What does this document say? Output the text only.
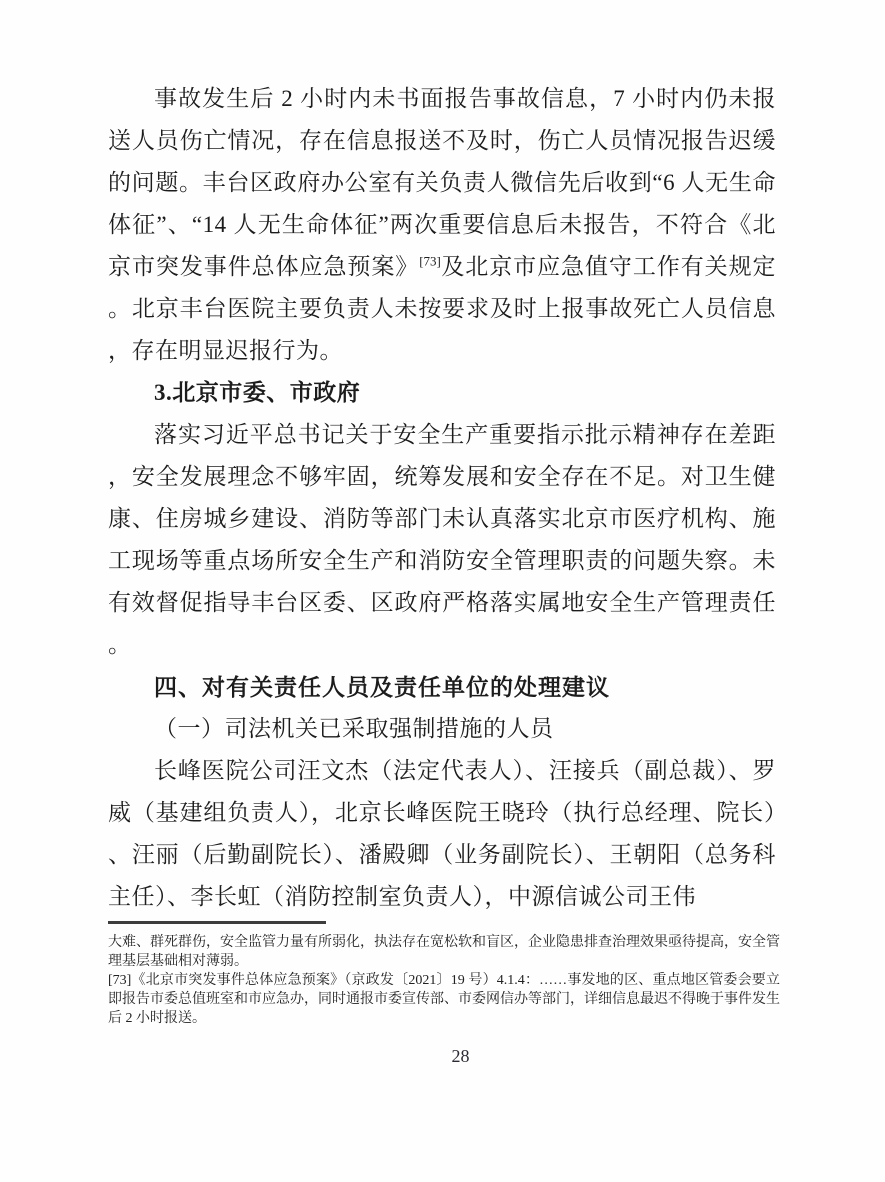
事故发生后 2 小时内未书面报告事故信息，7 小时内仍未报送人员伤亡情况，存在信息报送不及时，伤亡人员情况报告迟缓的问题。丰台区政府办公室有关负责人微信先后收到“6 人无生命体征”、“14 人无生命体征”两次重要信息后未报告，不符合《北京市突发事件总体应急预案》[73]及北京市应急值守工作有关规定。北京丰台医院主要负责人未按要求及时上报事故死亡人员信息，存在明显迟报行为。

3.北京市委、市政府

落实习近平总书记关于安全生产重要指示批示精神存在差距，安全发展理念不够牢固，统筹发展和安全存在不足。对卫生健康、住房城乡建设、消防等部门未认真落实北京市医疗机构、施工现场等重点场所安全生产和消防安全管理职责的问题失察。未有效督促指导丰台区委、区政府严格落实属地安全生产管理责任。

四、对有关责任人员及责任单位的处理建议

（一）司法机关已采取强制措施的人员

长峰医院公司汪文杰（法定代表人）、汪接兵（副总裁）、罗威（基建组负责人），北京长峰医院王晓玲（执行总经理、院长）、汪丽（后勤副院长）、潘殿卿（业务副院长）、王朝阳（总务科主任）、李长虹（消防控制室负责人），中源信诚公司王伟

大难、群死群伤，安全监管力量有所弱化，执法存在宽松软和盲区，企业隐患排查治理效果亟待提高，安全管理基层基础相对薄弱。

[73]《北京市突发事件总体应急预案》（京政发〔2021〕19 号）4.1.4：……事发地的区、重点地区管委会要立即报告市委总值班室和市应急办，同时通报市委宣传部、市委网信办等部门，详细信息最迟不得晚于事件发生后 2 小时报送。

28
